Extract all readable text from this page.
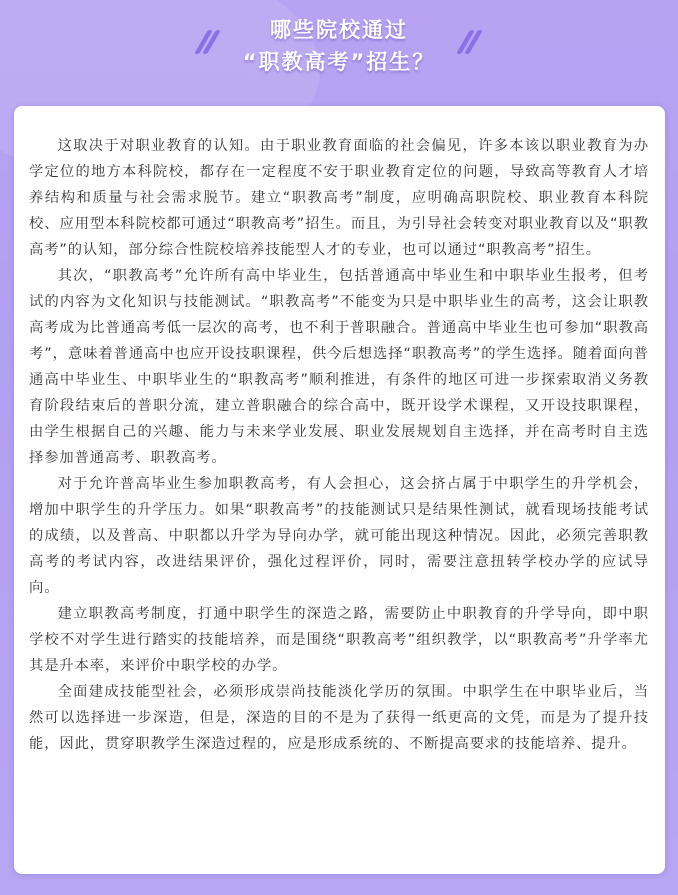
哪些院校通过
“职教高考”招生？

这取决于对职业教育的认知。由于职业教育面临的社会偏见，许多本该以职业教育为办学定位的地方本科院校，都存在一定程度不安于职业教育定位的问题，导致高等教育人才培养结构和质量与社会需求脱节。建立“职教高考”制度，应明确高职院校、职业教育本科院校、应用型本科院校都可通过“职教高考”招生。而且，为引导社会转变对职业教育以及“职教高考”的认知，部分综合性院校培养技能型人才的专业，也可以通过“职教高考”招生。

其次，“职教高考”允许所有高中毕业生，包括普通高中毕业生和中职毕业生报考，但考试的内容为文化知识与技能测试。“职教高考”不能变为只是中职毕业生的高考，这会让职教高考成为比普通高考低一层次的高考，也不利于普职融合。普通高中毕业生也可参加“职教高考”，意味着普通高中也应开设技职课程，供今后想选择“职教高考”的学生选择。随着面向普通高中毕业生、中职毕业生的“职教高考”顺利推进，有条件的地区可进一步探索取消义务教育阶段结束后的普职分流，建立普职融合的综合高中，既开设学术课程，又开设技职课程，由学生根据自己的兴趣、能力与未来学业发展、职业发展规划自主选择，并在高考时自主选择参加普通高考、职教高考。

对于允许普高毕业生参加职教高考，有人会担心，这会挤占属于中职学生的升学机会，增加中职学生的升学压力。如果“职教高考”的技能测试只是结果性测试，就看现场技能考试的成绩，以及普高、中职都以升学为导向办学，就可能出现这种情况。因此，必须完善职教高考的考试内容，改进结果评价，强化过程评价，同时，需要注意扭转学校办学的应试导向。

建立职教高考制度，打通中职学生的深造之路，需要防止中职教育的升学导向，即中职学校不对学生进行踏实的技能培养，而是围绕“职教高考”组织教学，以“职教高考”升学率尤其是升本率，来评价中职学校的办学。

全面建成技能型社会，必须形成崇尚技能淡化学历的氛围。中职学生在中职毕业后，当然可以选择进一步深造，但是，深造的目的不是为了获得一纸更高的文凭，而是为了提升技能，因此，贯穿职教学生深造过程的，应是形成系统的、不断提高要求的技能培养、提升。
